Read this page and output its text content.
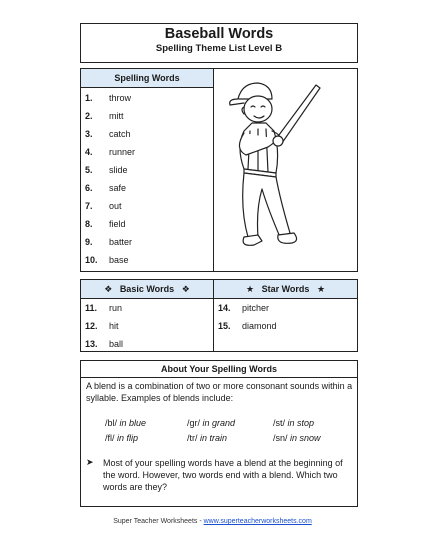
Baseball Words
Spelling Theme List Level B
Spelling Words
1. throw
2. mitt
3. catch
4. runner
5. slide
6. safe
7. out
8. field
9. batter
10. base
❖ Basic Words ❖
11. run
12. hit
13. ball
★ Star Words ★
14. pitcher
15. diamond
About Your Spelling Words
A blend is a combination of two or more consonant sounds within a syllable. Examples of blends include:
/bl/ in blue	/gr/ in grand	/st/ in stop
/fl/ in flip	/tr/ in train	/sn/ in snow
➤ Most of your spelling words have a blend at the beginning of the word. However, two words end with a blend. Which two words are they?
Super Teacher Worksheets - www.superteacherworksheets.com
